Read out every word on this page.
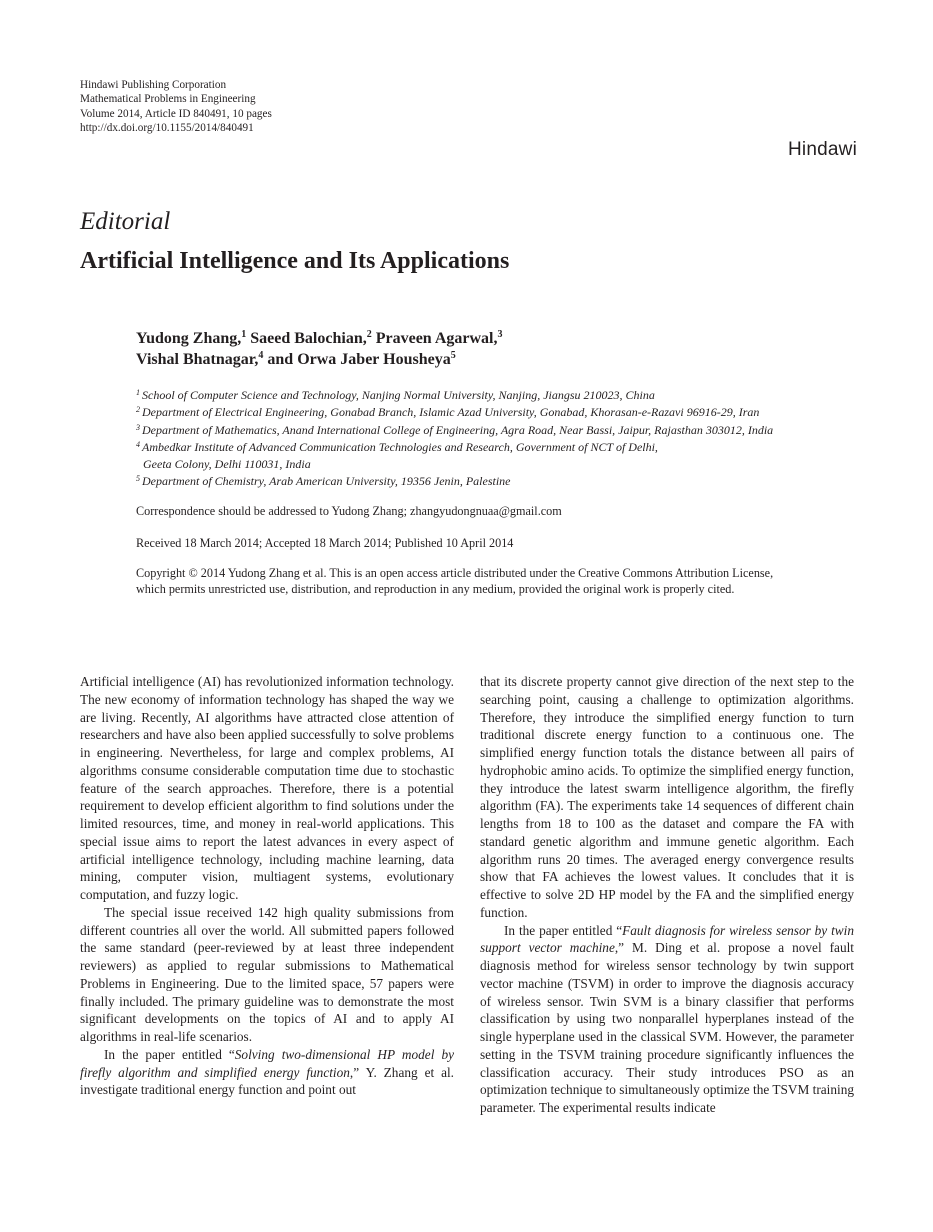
Hindawi Publishing Corporation
Mathematical Problems in Engineering
Volume 2014, Article ID 840491, 10 pages
http://dx.doi.org/10.1155/2014/840491
Hindawi
Editorial
Artificial Intelligence and Its Applications
Yudong Zhang,$^1$ Saeed Balochian,$^2$ Praveen Agarwal,$^3$
Vishal Bhatnagar,$^4$ and Orwa Jaber Housheya$^5$
$^1$ School of Computer Science and Technology, Nanjing Normal University, Nanjing, Jiangsu 210023, China
$^2$ Department of Electrical Engineering, Gonabad Branch, Islamic Azad University, Gonabad, Khorasan-e-Razavi 96916-29, Iran
$^3$ Department of Mathematics, Anand International College of Engineering, Agra Road, Near Bassi, Jaipur, Rajasthan 303012, India
$^4$ Ambedkar Institute of Advanced Communication Technologies and Research, Government of NCT of Delhi,
Geeta Colony, Delhi 110031, India
$^5$ Department of Chemistry, Arab American University, 19356 Jenin, Palestine
Correspondence should be addressed to Yudong Zhang; zhangyudongnuaa@gmail.com
Received 18 March 2014; Accepted 18 March 2014; Published 10 April 2014
Copyright © 2014 Yudong Zhang et al. This is an open access article distributed under the Creative Commons Attribution License,
which permits unrestricted use, distribution, and reproduction in any medium, provided the original work is properly cited.

Artificial intelligence (AI) has revolutionized information technology. The new economy of information technology has shaped the way we are living. Recently, AI algorithms have attracted close attention of researchers and have also been applied successfully to solve problems in engineering. Nevertheless, for large and complex problems, AI algorithms consume considerable computation time due to stochastic feature of the search approaches. Therefore, there is a potential requirement to develop efficient algorithm to find solutions under the limited resources, time, and money in real-world applications. This special issue aims to report the latest advances in every aspect of artificial intelligence technology, including machine learning, data mining, computer vision, multiagent systems, evolutionary computation, and fuzzy logic.

The special issue received 142 high quality submissions from different countries all over the world. All submitted papers followed the same standard (peer-reviewed by at least three independent reviewers) as applied to regular submissions to Mathematical Problems in Engineering. Due to the limited space, 57 papers were finally included. The primary guideline was to demonstrate the most significant developments on the topics of AI and to apply AI algorithms in real-life scenarios.

In the paper entitled “Solving two-dimensional HP model by firefly algorithm and simplified energy function,” Y. Zhang et al. investigate traditional energy function and point out

that its discrete property cannot give direction of the next step to the searching point, causing a challenge to optimization algorithms. Therefore, they introduce the simplified energy function to turn traditional discrete energy function to a continuous one. The simplified energy function totals the distance between all pairs of hydrophobic amino acids. To optimize the simplified energy function, they introduce the latest swarm intelligence algorithm, the firefly algorithm (FA). The experiments take 14 sequences of different chain lengths from 18 to 100 as the dataset and compare the FA with standard genetic algorithm and immune genetic algorithm. Each algorithm runs 20 times. The averaged energy convergence results show that FA achieves the lowest values. It concludes that it is effective to solve 2D HP model by the FA and the simplified energy function.

In the paper entitled “Fault diagnosis for wireless sensor by twin support vector machine,” M. Ding et al. propose a novel fault diagnosis method for wireless sensor technology by twin support vector machine (TSVM) in order to improve the diagnosis accuracy of wireless sensor. Twin SVM is a binary classifier that performs classification by using two nonparallel hyperplanes instead of the single hyperplane used in the classical SVM. However, the parameter setting in the TSVM training procedure significantly influences the classification accuracy. Their study introduces PSO as an optimization technique to simultaneously optimize the TSVM training parameter. The experimental results indicate
